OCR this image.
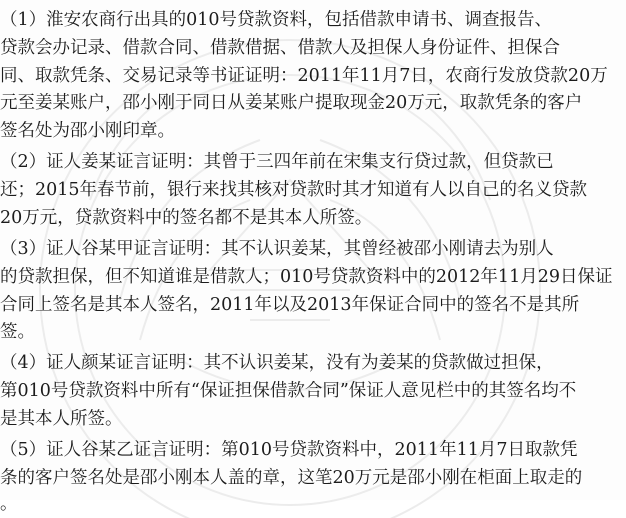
（1）淮安农商行出具的010号贷款资料，包括借款申请书、调查报告、
贷款会办记录、借款合同、借款借据、借款人及担保人身份证件、担保合
同、取款凭条、交易记录等书证证明：2011年11月7日，农商行发放贷款20万
元至姜某账户，邵小刚于同日从姜某账户提取现金20万元，取款凭条的客户
签名处为邵小刚印章。
（2）证人姜某证言证明：其曾于三四年前在宋集支行贷过款，但贷款已
还；2015年春节前，银行来找其核对贷款时其才知道有人以自己的名义贷款
20万元，贷款资料中的签名都不是其本人所签。
（3）证人谷某甲证言证明：其不认识姜某，其曾经被邵小刚请去为别人
的贷款担保，但不知道谁是借款人；010号贷款资料中的2012年11月29日保证
合同上签名是其本人签名，2011年以及2013年保证合同中的签名不是其所
签。
（4）证人颜某证言证明：其不认识姜某，没有为姜某的贷款做过担保，
第010号贷款资料中所有“保证担保借款合同”保证人意见栏中的其签名均不
是其本人所签。
（5）证人谷某乙证言证明：第010号贷款资料中，2011年11月7日取款凭
条的客户签名处是邵小刚本人盖的章，这笔20万元是邵小刚在柜面上取走的
。
